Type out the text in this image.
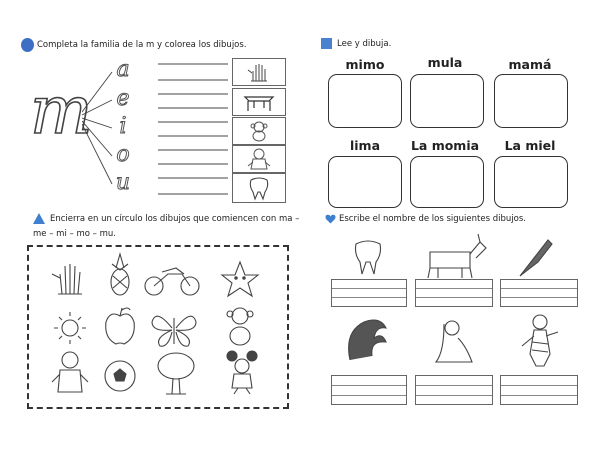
Completa la familia de la m y colorea los dibujos.
m
a
e
i
o
u
Lee y dibuja.
mimo	mula	mamá
lima	La momia	La miel
Encierra en un círculo los dibujos que comiencen con ma –
me – mi – mo – mu.
Escribe el nombre de los siguientes dibujos.
